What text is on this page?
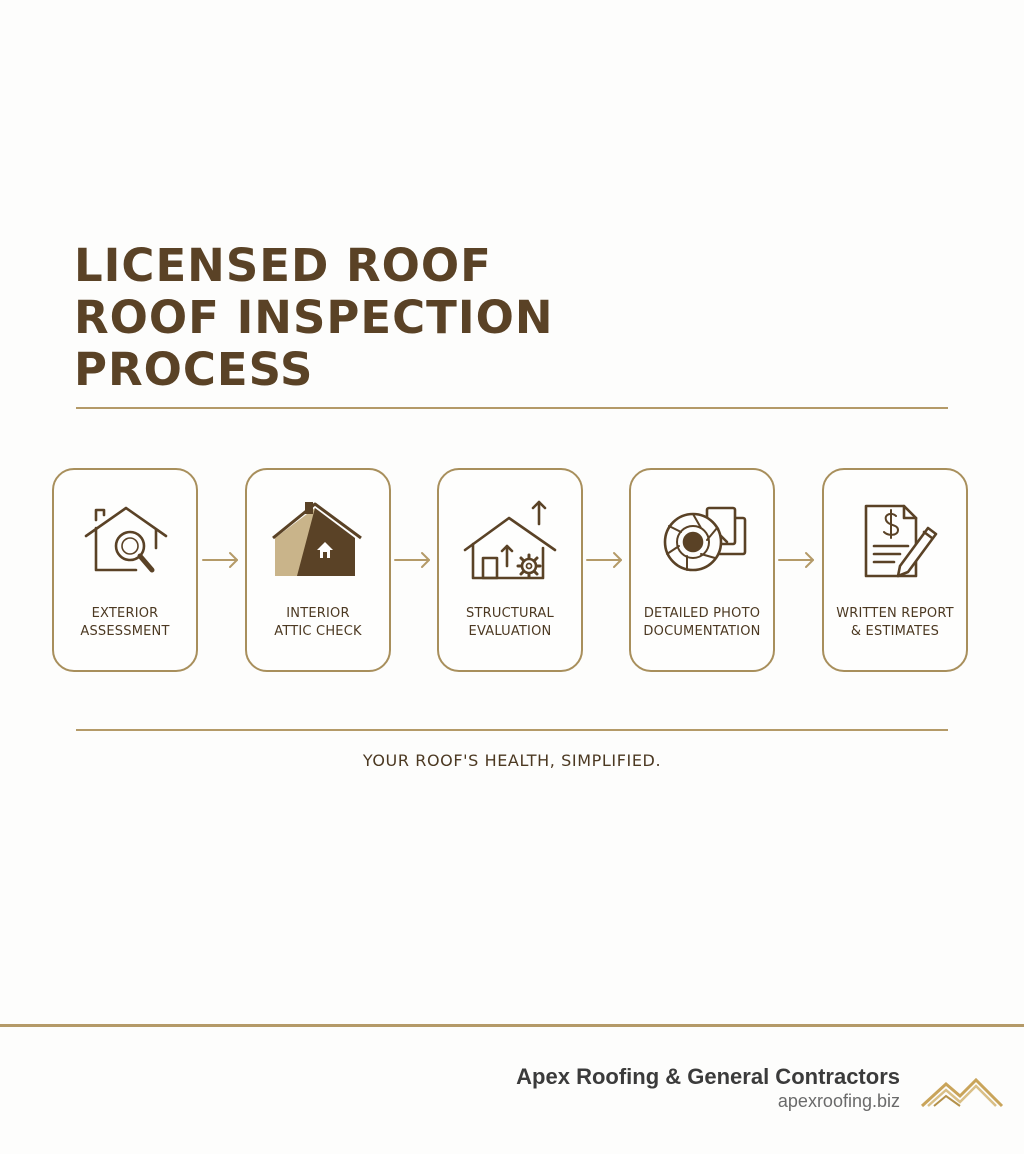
LICENSED ROOF
ROOF INSPECTION
PROCESS
EXTERIOR
ASSESSMENT
INTERIOR
ATTIC CHECK
STRUCTURAL
EVALUATION
DETAILED PHOTO
DOCUMENTATION
WRITTEN REPORT
& ESTIMATES
YOUR ROOF'S HEALTH, SIMPLIFIED.
Apex Roofing & General Contractors
apexroofing.biz
